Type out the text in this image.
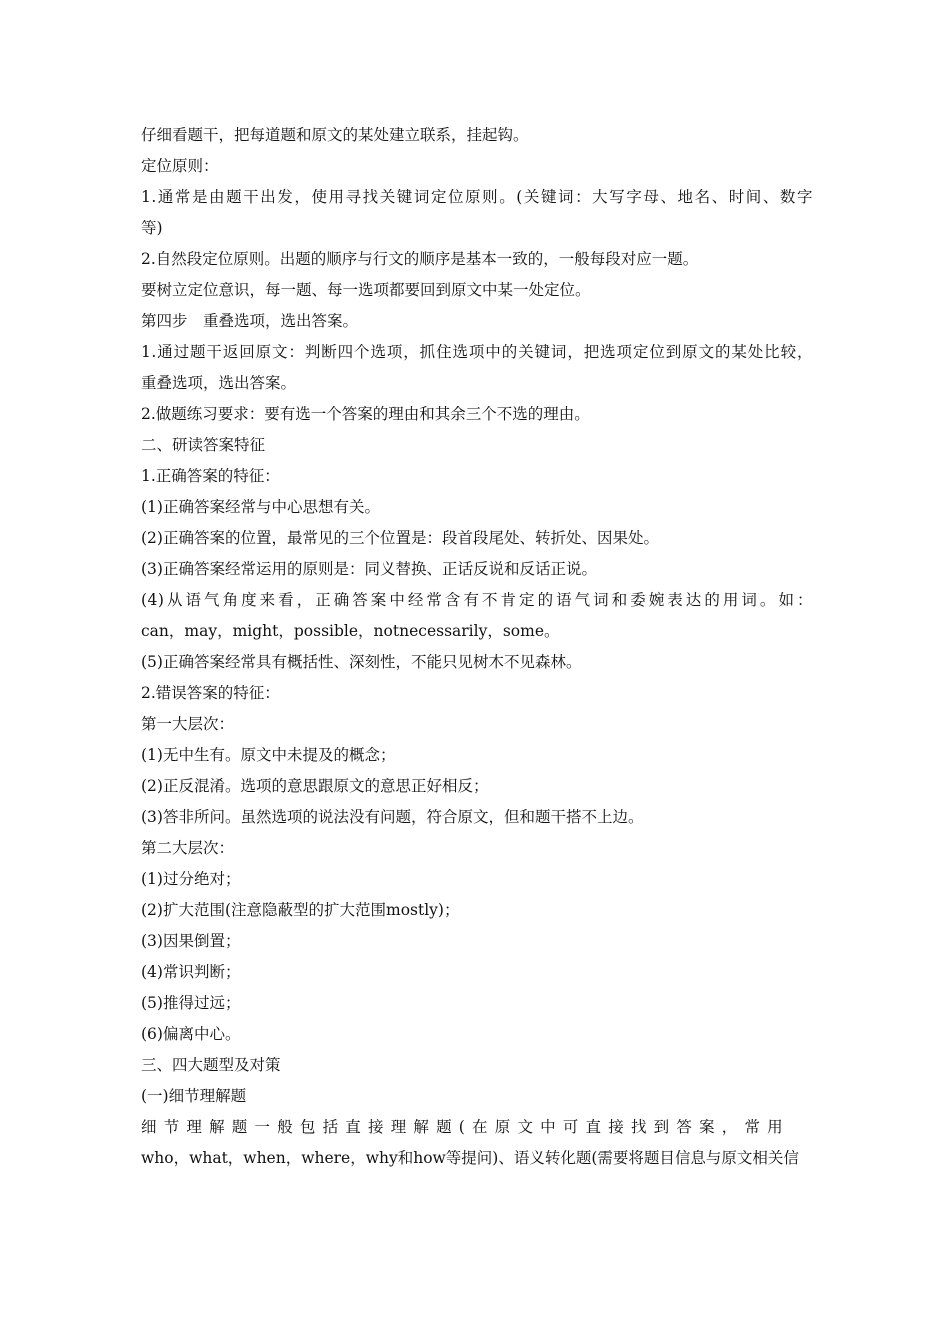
仔细看题干，把每道题和原文的某处建立联系，挂起钩。
定位原则：
1.通常是由题干出发，使用寻找关键词定位原则。(关键词：大写字母、地名、时间、数字
等)
2.自然段定位原则。出题的顺序与行文的顺序是基本一致的，一般每段对应一题。
要树立定位意识，每一题、每一选项都要回到原文中某一处定位。
第四步　重叠选项，选出答案。
1.通过题干返回原文：判断四个选项，抓住选项中的关键词，把选项定位到原文的某处比较，
重叠选项，选出答案。
2.做题练习要求：要有选一个答案的理由和其余三个不选的理由。
二、研读答案特征
1.正确答案的特征：
(1)正确答案经常与中心思想有关。
(2)正确答案的位置，最常见的三个位置是：段首段尾处、转折处、因果处。
(3)正确答案经常运用的原则是：同义替换、正话反说和反话正说。
(4)从语气角度来看，正确答案中经常含有不肯定的语气词和委婉表达的用词。如：
can，may，might，possible，notnecessarily，some。
(5)正确答案经常具有概括性、深刻性，不能只见树木不见森林。
2.错误答案的特征：
第一大层次：
(1)无中生有。原文中未提及的概念；
(2)正反混淆。选项的意思跟原文的意思正好相反；
(3)答非所问。虽然选项的说法没有问题，符合原文，但和题干搭不上边。
第二大层次：
(1)过分绝对；
(2)扩大范围(注意隐蔽型的扩大范围mostly)；
(3)因果倒置；
(4)常识判断；
(5)推得过远；
(6)偏离中心。
三、四大题型及对策
(一)细节理解题
细节理解题一般包括直接理解题(在原文中可直接找到答案，常用
who，what，when，where，why和how等提问)、语义转化题(需要将题目信息与原文相关信
